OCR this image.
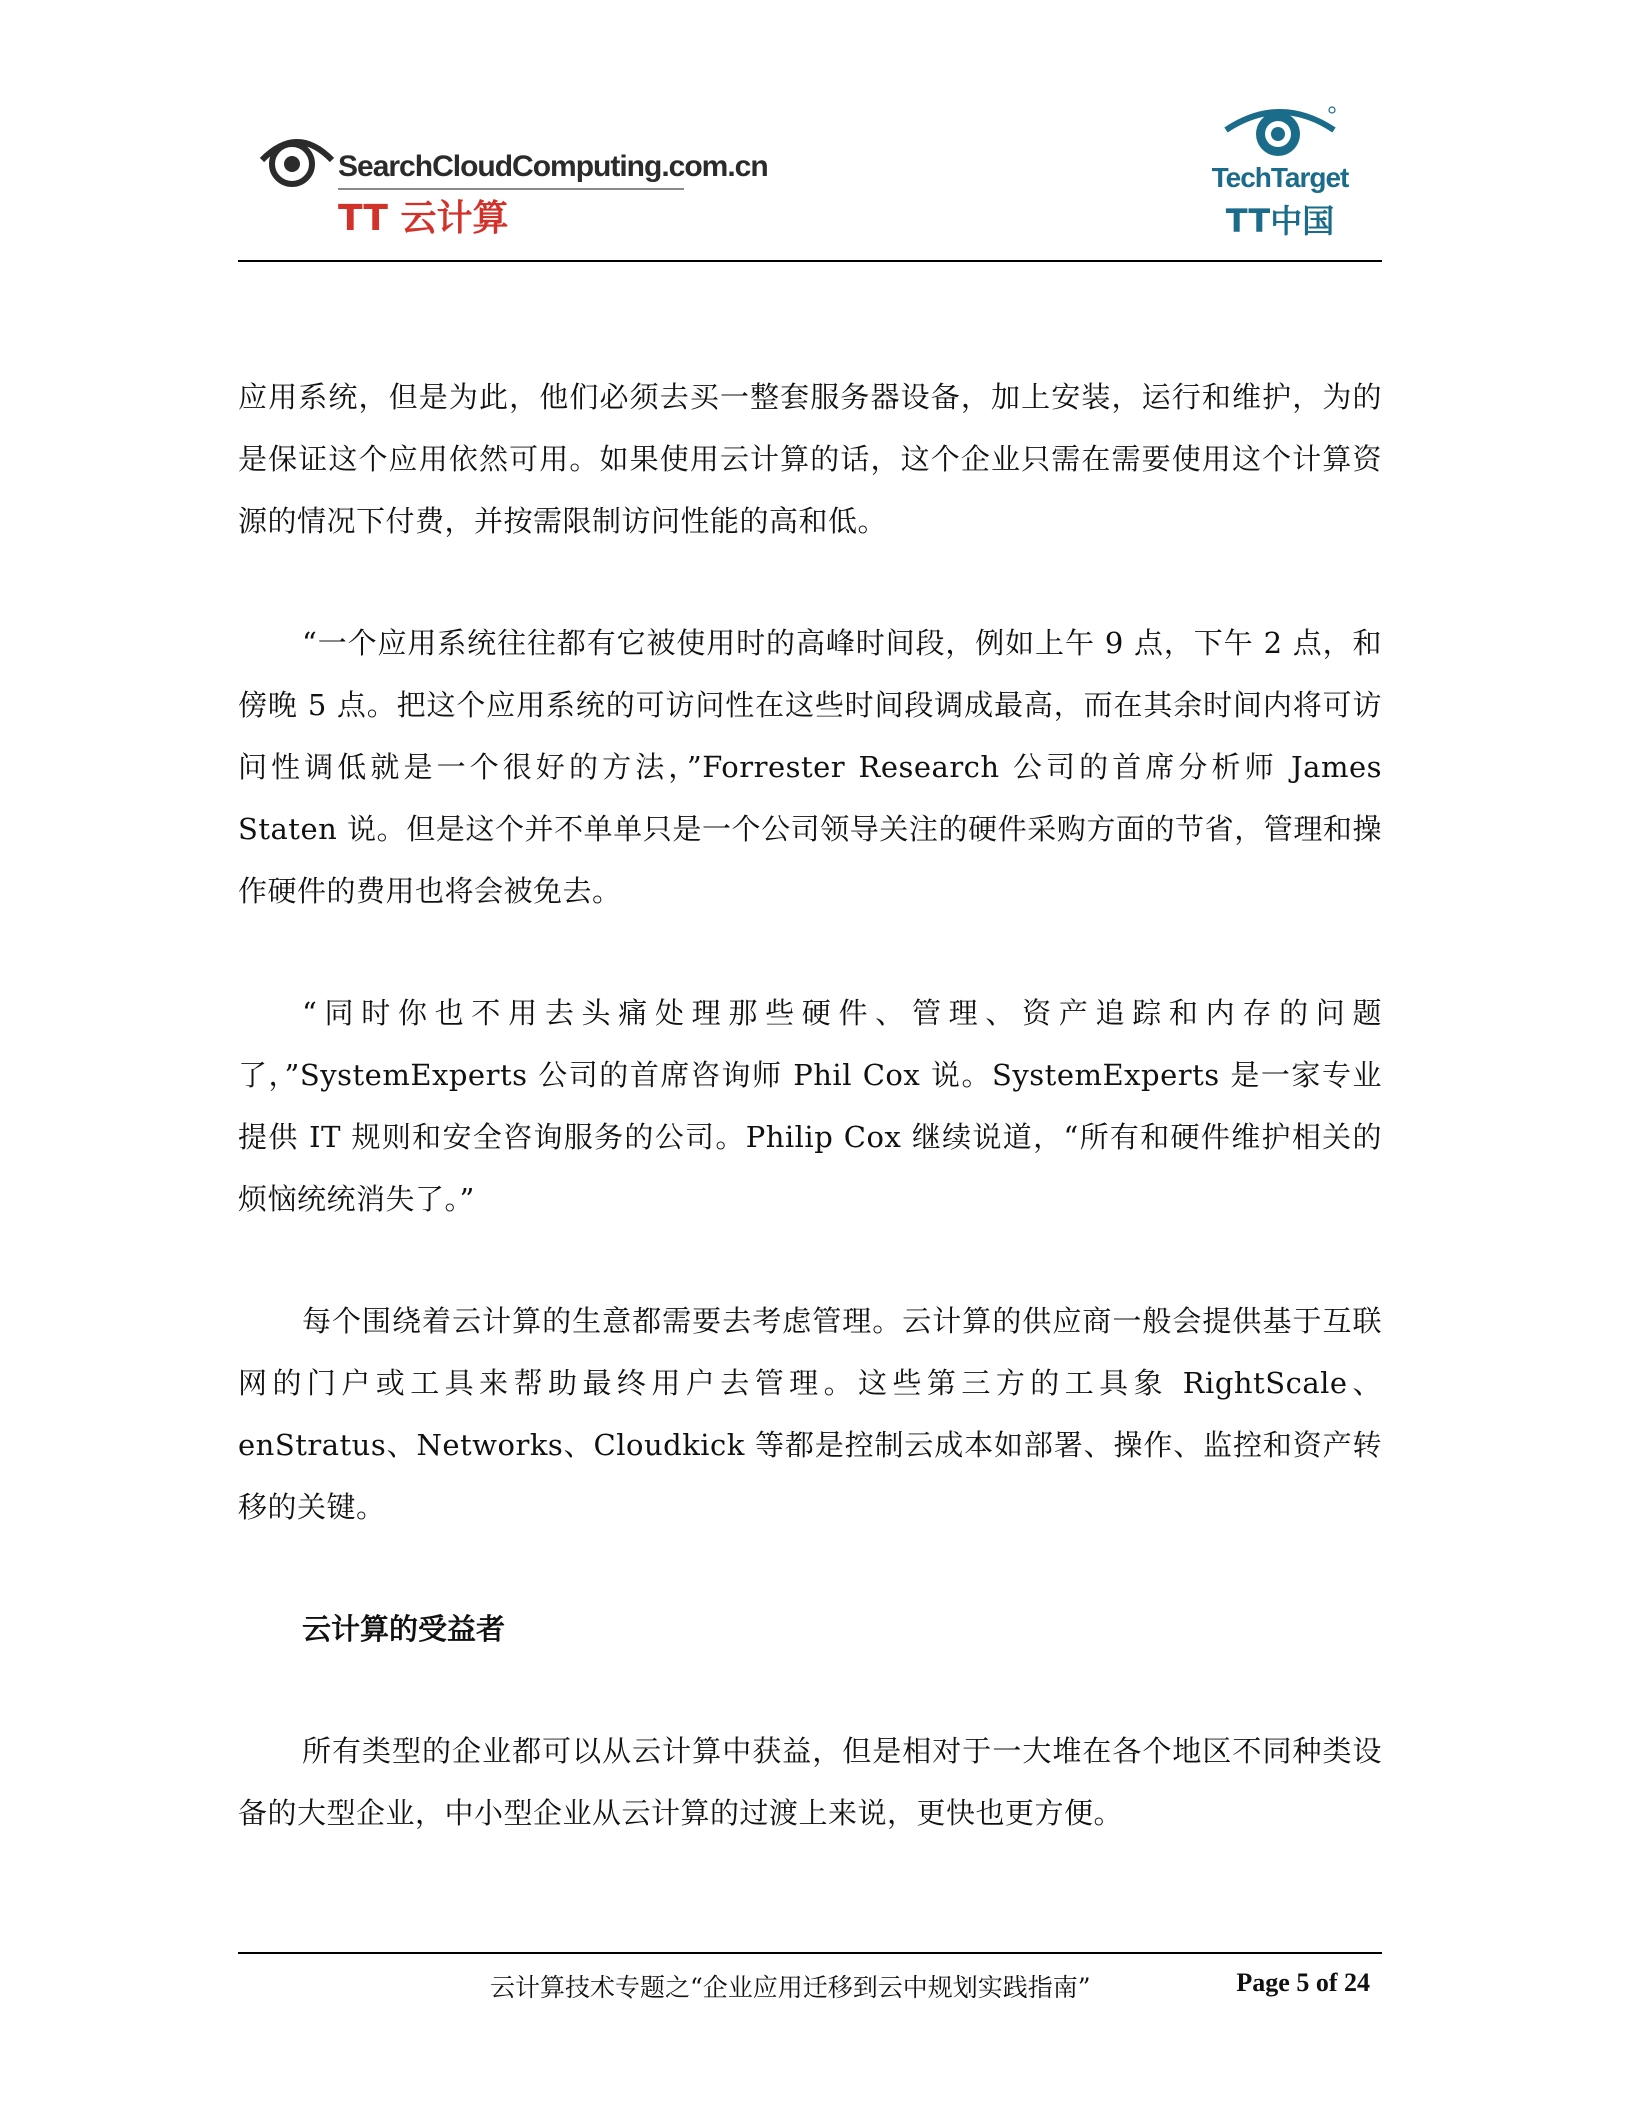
SearchCloudComputing.com.cn
TT 云计算
TechTarget
TT中国

应用系统，但是为此，他们必须去买一整套服务器设备，加上安装，运行和维护，为的是保证这个应用依然可用。如果使用云计算的话，这个企业只需在需要使用这个计算资源的情况下付费，并按需限制访问性能的高和低。

“一个应用系统往往都有它被使用时的高峰时间段，例如上午 9 点，下午 2 点，和傍晚 5 点。把这个应用系统的可访问性在这些时间段调成最高，而在其余时间内将可访问性调低就是一个很好的方法，”Forrester Research 公司的首席分析师 James Staten 说。但是这个并不单单只是一个公司领导关注的硬件采购方面的节省，管理和操作硬件的费用也将会被免去。

“同时你也不用去头痛处理那些硬件、管理、资产追踪和内存的问题了，”SystemExperts 公司的首席咨询师 Phil Cox 说。SystemExperts 是一家专业提供 IT 规则和安全咨询服务的公司。Philip Cox 继续说道，“所有和硬件维护相关的烦恼统统消失了。”

每个围绕着云计算的生意都需要去考虑管理。云计算的供应商一般会提供基于互联网的门户或工具来帮助最终用户去管理。这些第三方的工具象 RightScale、enStratus、Networks、Cloudkick 等都是控制云成本如部署、操作、监控和资产转移的关键。

云计算的受益者

所有类型的企业都可以从云计算中获益，但是相对于一大堆在各个地区不同种类设备的大型企业，中小型企业从云计算的过渡上来说，更快也更方便。

云计算技术专题之“企业应用迁移到云中规划实践指南”	Page 5 of 24
